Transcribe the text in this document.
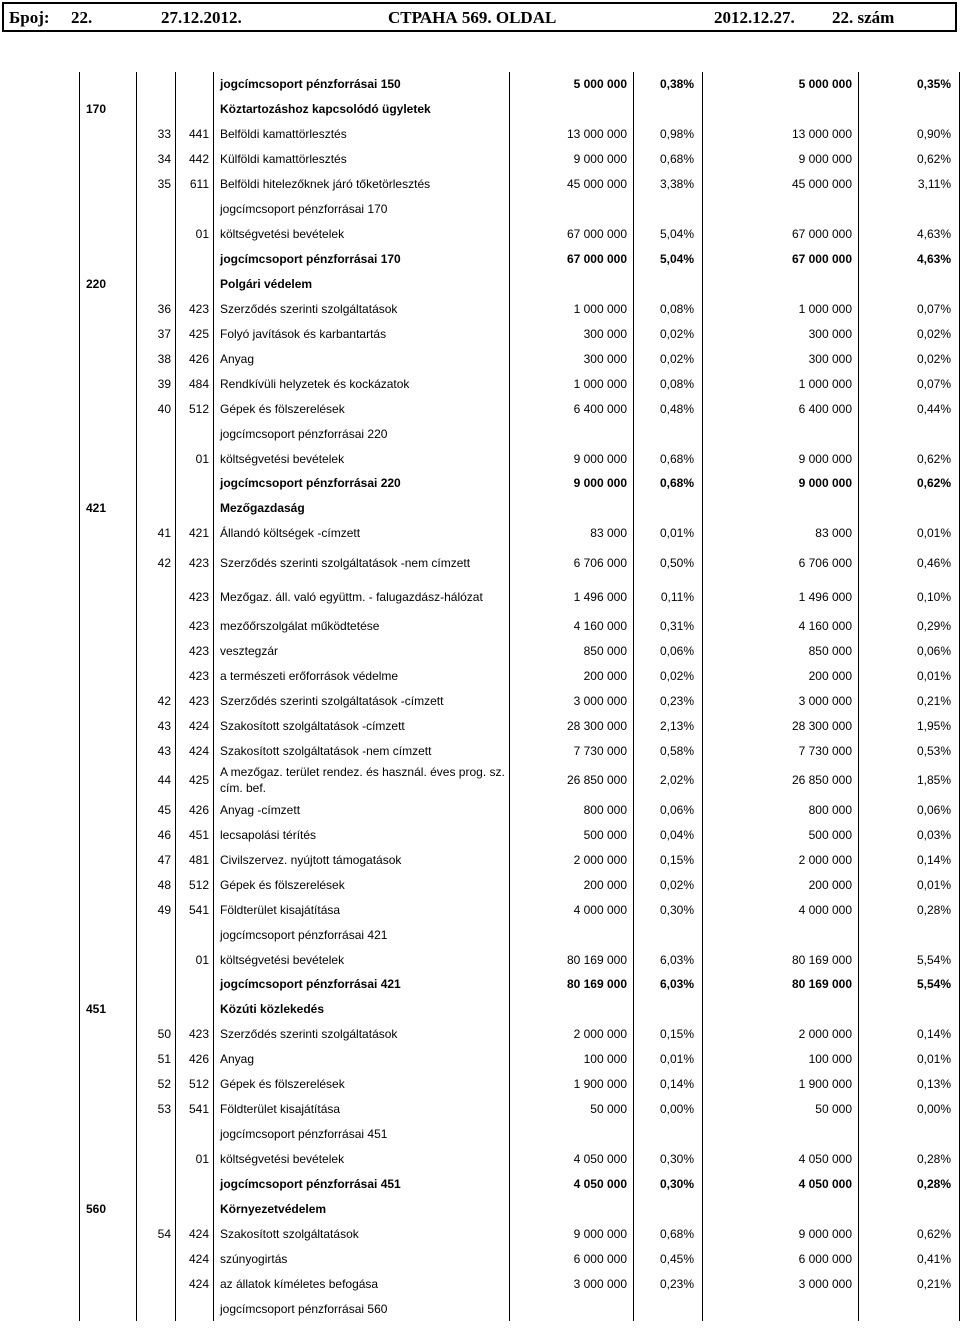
Број: 22.	27.12.2012.	СТРАНА 569. OLDAL	2012.12.27. 22. szám
			jogcímcsoport pénzforrásai 150	5 000 000	0,38%	5 000 000	0,35%
170			Köztartozáshoz kapcsolódó ügyletek				
	33	441	Belföldi kamattörlesztés	13 000 000	0,98%	13 000 000	0,90%
	34	442	Külföldi kamattörlesztés	9 000 000	0,68%	9 000 000	0,62%
	35	611	Belföldi hitelezőknek járó tőketörlesztés	45 000 000	3,38%	45 000 000	3,11%
			jogcímcsoport pénzforrásai 170				
		01	költségvetési bevételek	67 000 000	5,04%	67 000 000	4,63%
			jogcímcsoport pénzforrásai 170	67 000 000	5,04%	67 000 000	4,63%
220			Polgári védelem				
	36	423	Szerződés szerinti szolgáltatások	1 000 000	0,08%	1 000 000	0,07%
	37	425	Folyó javítások és karbantartás	300 000	0,02%	300 000	0,02%
	38	426	Anyag	300 000	0,02%	300 000	0,02%
	39	484	Rendkívüli helyzetek és kockázatok	1 000 000	0,08%	1 000 000	0,07%
	40	512	Gépek és fölszerelések	6 400 000	0,48%	6 400 000	0,44%
			jogcímcsoport pénzforrásai 220				
		01	költségvetési bevételek	9 000 000	0,68%	9 000 000	0,62%
			jogcímcsoport pénzforrásai 220	9 000 000	0,68%	9 000 000	0,62%
421			Mezőgazdaság				
	41	421	Állandó költségek -címzett	83 000	0,01%	83 000	0,01%
	42	423	Szerződés szerinti szolgáltatások -nem címzett	6 706 000	0,50%	6 706 000	0,46%
		423	Mezőgaz. áll. való együttm. - falugazdász-hálózat	1 496 000	0,11%	1 496 000	0,10%
		423	mezőőrszolgálat működtetése	4 160 000	0,31%	4 160 000	0,29%
		423	vesztegzár	850 000	0,06%	850 000	0,06%
		423	a természeti erőforrások védelme	200 000	0,02%	200 000	0,01%
	42	423	Szerződés szerinti szolgáltatások -címzett	3 000 000	0,23%	3 000 000	0,21%
	43	424	Szakosított szolgáltatások -címzett	28 300 000	2,13%	28 300 000	1,95%
	43	424	Szakosított szolgáltatások -nem címzett	7 730 000	0,58%	7 730 000	0,53%
	44	425	A mezőgaz. terület rendez. és használ. éves prog. sz. cím. bef.	26 850 000	2,02%	26 850 000	1,85%
	45	426	Anyag -címzett	800 000	0,06%	800 000	0,06%
	46	451	lecsapolási térítés	500 000	0,04%	500 000	0,03%
	47	481	Civilszervez. nyújtott támogatások	2 000 000	0,15%	2 000 000	0,14%
	48	512	Gépek és fölszerelések	200 000	0,02%	200 000	0,01%
	49	541	Földterület kisajátítása	4 000 000	0,30%	4 000 000	0,28%
			jogcímcsoport pénzforrásai 421				
		01	költségvetési bevételek	80 169 000	6,03%	80 169 000	5,54%
			jogcímcsoport pénzforrásai 421	80 169 000	6,03%	80 169 000	5,54%
451			Közúti közlekedés				
	50	423	Szerződés szerinti szolgáltatások	2 000 000	0,15%	2 000 000	0,14%
	51	426	Anyag	100 000	0,01%	100 000	0,01%
	52	512	Gépek és fölszerelések	1 900 000	0,14%	1 900 000	0,13%
	53	541	Földterület kisajátítása	50 000	0,00%	50 000	0,00%
			jogcímcsoport pénzforrásai 451				
		01	költségvetési bevételek	4 050 000	0,30%	4 050 000	0,28%
			jogcímcsoport pénzforrásai 451	4 050 000	0,30%	4 050 000	0,28%
560			Környezetvédelem				
	54	424	Szakosított szolgáltatások	9 000 000	0,68%	9 000 000	0,62%
		424	szúnyogirtás	6 000 000	0,45%	6 000 000	0,41%
		424	az állatok kíméletes befogása	3 000 000	0,23%	3 000 000	0,21%
			jogcímcsoport pénzforrásai 560				
